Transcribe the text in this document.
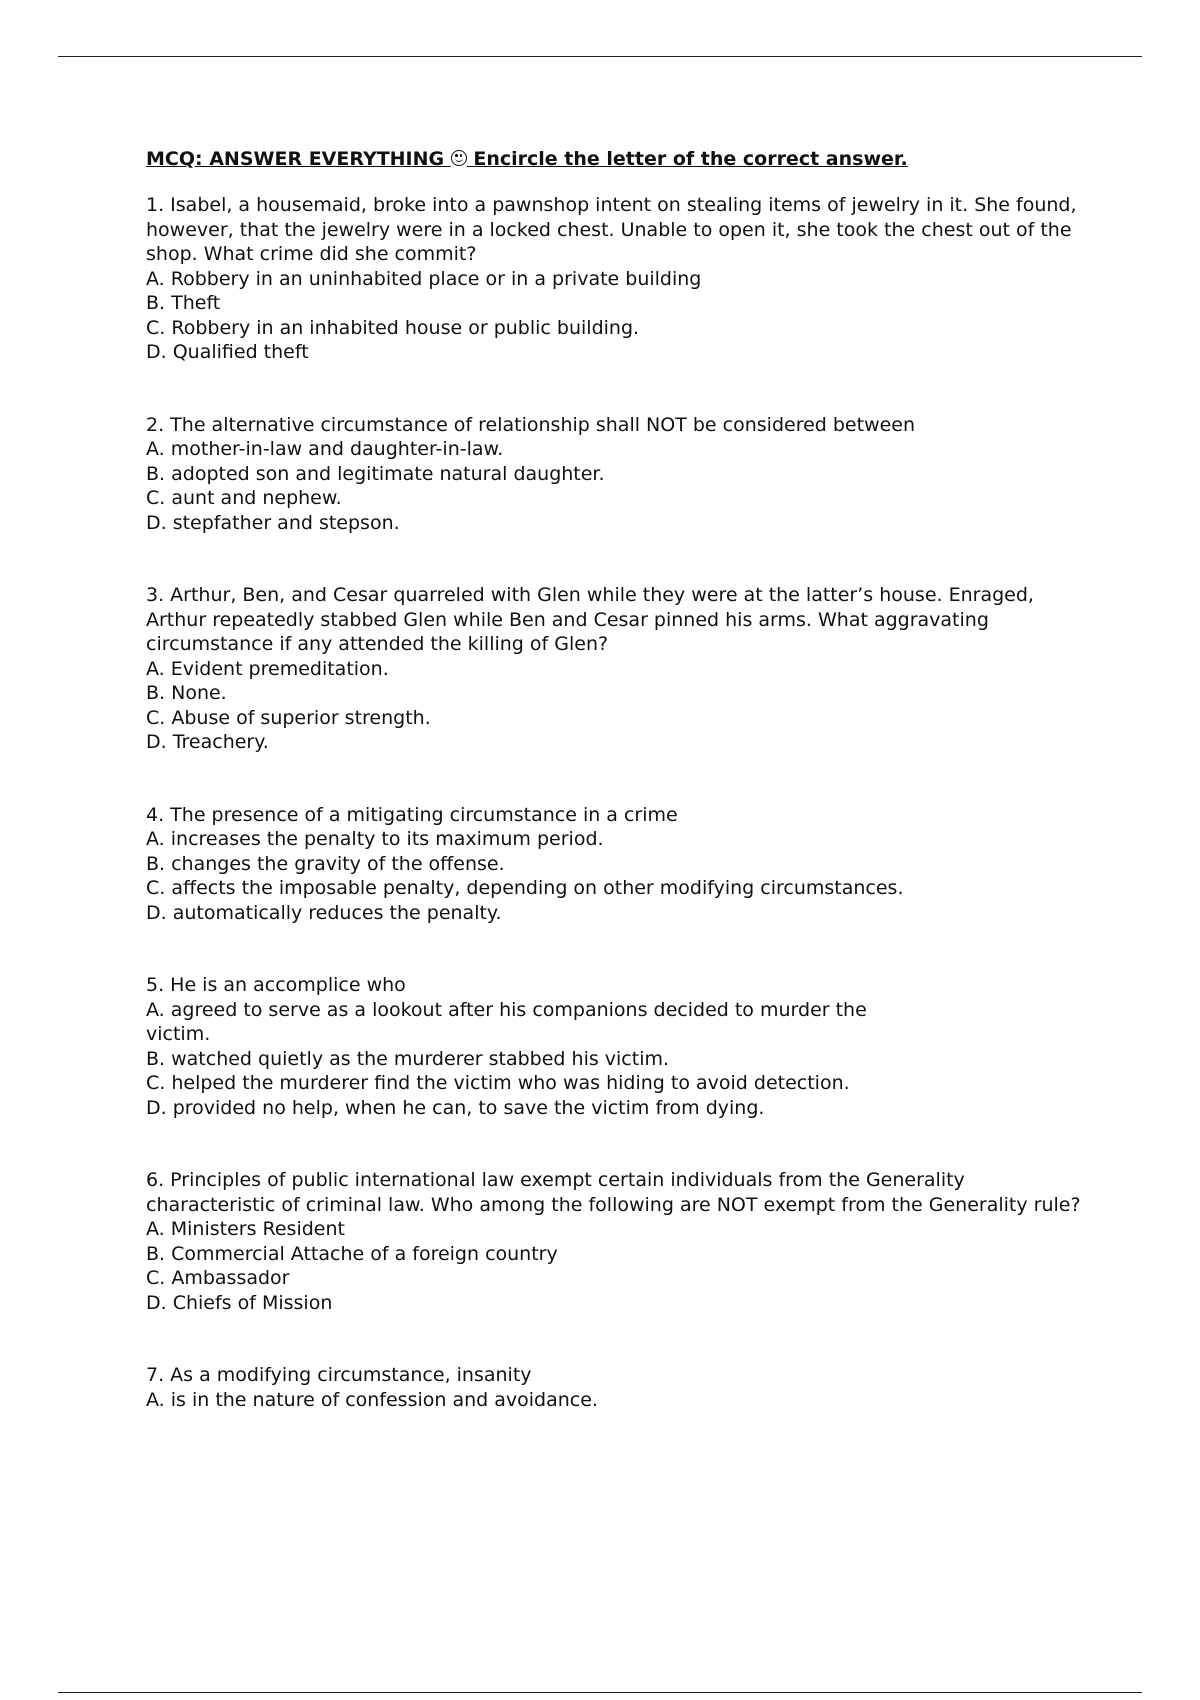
MCQ: ANSWER EVERYTHING
Encircle the letter of the correct answer.
1. Isabel, a housemaid, broke into a pawnshop intent on stealing items of jewelry in it. She found, however, that the jewelry were in a locked chest. Unable to open it, she took the chest out of the shop. What crime did she commit?
A. Robbery in an uninhabited place or in a private building
B. Theft
C. Robbery in an inhabited house or public building.
D. Qualified theft
2. The alternative circumstance of relationship shall NOT be considered between
A. mother-in-law and daughter-in-law.
B. adopted son and legitimate natural daughter.
C. aunt and nephew.
D. stepfather and stepson.
3. Arthur, Ben, and Cesar quarreled with Glen while they were at the latter’s house. Enraged, Arthur repeatedly stabbed Glen while Ben and Cesar pinned his arms. What aggravating circumstance if any attended the killing of Glen?
A. Evident premeditation.
B. None.
C. Abuse of superior strength.
D. Treachery.
4. The presence of a mitigating circumstance in a crime
A. increases the penalty to its maximum period.
B. changes the gravity of the offense.
C. affects the imposable penalty, depending on other modifying circumstances.
D. automatically reduces the penalty.
5. He is an accomplice who
A. agreed to serve as a lookout after his companions decided to murder the victim.
B. watched quietly as the murderer stabbed his victim.
C. helped the murderer find the victim who was hiding to avoid detection.
D. provided no help, when he can, to save the victim from dying.
6. Principles of public international law exempt certain individuals from the Generality characteristic of criminal law. Who among the following are NOT exempt from the Generality rule?
A. Ministers Resident
B. Commercial Attache of a foreign country
C. Ambassador
D. Chiefs of Mission
7. As a modifying circumstance, insanity
A. is in the nature of confession and avoidance.
